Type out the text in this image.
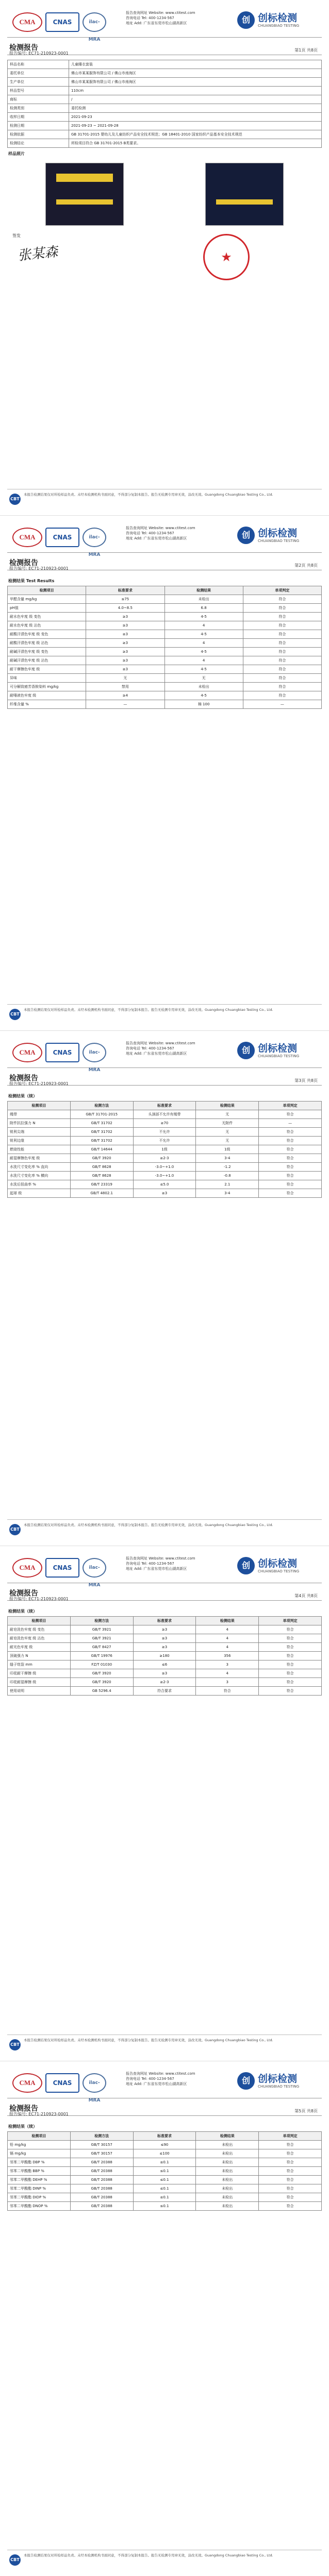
CMA	CNAS	ilac-MRA
报告查询网址 Website: www.ctitest.com
咨询电话 Tel: 400-1234-567
地址 Add: 广东省东莞市松山湖高新区	创 创标检测
CHUANGBIAO TESTING
检测报告
报告编号: EC71-210923-0001
第1页 共8页
样品名称	儿童睡衣套装
委托单位	佛山市某某服饰有限公司 / 佛山市南海区
生产单位	佛山市某某服饰有限公司 / 佛山市南海区
样品型号	110cm
商标	/
检测类别	委托检测
收样日期	2021-09-23
检测日期	2021-09-23 ~ 2021-09-28
检测依据	GB 31701-2015 婴幼儿及儿童纺织产品安全技术规范；GB 18401-2010 国家纺织产品基本安全技术规范
检测结论	所检项目符合 GB 31701-2015 B类要求。
样品照片
签发
张某森	★
CBT
本报告检测结果仅对所检样品负责。未经本检测机构书面同意，不得部分复制本报告。报告无检测专用章无效，涂改无效。Guangdong Chuangbiao Testing Co., Ltd.
CMA	CNAS	ilac-MRA
报告查询网址 Website: www.ctitest.com
咨询电话 Tel: 400-1234-567
地址 Add: 广东省东莞市松山湖高新区	创 创标检测
CHUANGBIAO TESTING
检测报告
报告编号: EC71-210923-0001
第2页 共8页
检测结果 Test Results
检测项目	标准要求	检测结果	单项判定
甲醛含量 mg/kg	≤75	未检出	符合
pH值	4.0~8.5	6.8	符合
耐水色牢度 级 变色	≥3	4-5	符合
耐水色牢度 级 沾色	≥3	4	符合
耐酸汗渍色牢度 级 变色	≥3	4-5	符合
耐酸汗渍色牢度 级 沾色	≥3	4	符合
耐碱汗渍色牢度 级 变色	≥3	4-5	符合
耐碱汗渍色牢度 级 沾色	≥3	4	符合
耐干摩擦色牢度 级	≥3	4-5	符合
异味	无	无	符合
可分解致癌芳香胺染料 mg/kg	禁用	未检出	符合
耐唾液色牢度 级	≥4	4-5	符合
纤维含量 %	—	棉 100	—
CBT
本报告检测结果仅对所检样品负责。未经本检测机构书面同意，不得部分复制本报告。报告无检测专用章无效，涂改无效。Guangdong Chuangbiao Testing Co., Ltd.
CMA	CNAS	ilac-MRA
报告查询网址 Website: www.ctitest.com
咨询电话 Tel: 400-1234-567
地址 Add: 广东省东莞市松山湖高新区	创 创标检测
CHUANGBIAO TESTING
检测报告
报告编号: EC71-210923-0001
第3页 共8页
检测结果（续）
检测项目	检测方法	标准要求	检测结果	单项判定
绳带	GB/T 31701-2015	头颈部不允许有绳带	无	符合
附件抗拉强力 N	GB/T 31702	≥70	无附件	—
锐利尖端	GB/T 31702	不允许	无	符合
锐利边缘	GB/T 31702	不允许	无	符合
燃烧性能	GB/T 14644	1级	1级	符合
耐湿摩擦色牢度 级	GB/T 3920	≥2-3	3-4	符合
水洗尺寸变化率 % 直向	GB/T 8628	-3.0~+1.0	-1.2	符合
水洗尺寸变化率 % 横向	GB/T 8628	-3.0~+1.0	-0.8	符合
水洗后扭曲率 %	GB/T 23319	≤5.0	2.1	符合
起球 级	GB/T 4802.1	≥3	3-4	符合
CBT
本报告检测结果仅对所检样品负责。未经本检测机构书面同意，不得部分复制本报告。报告无检测专用章无效，涂改无效。Guangdong Chuangbiao Testing Co., Ltd.
CMA	CNAS	ilac-MRA
报告查询网址 Website: www.ctitest.com
咨询电话 Tel: 400-1234-567
地址 Add: 广东省东莞市松山湖高新区	创 创标检测
CHUANGBIAO TESTING
检测报告
报告编号: EC71-210923-0001
第4页 共8页
检测结果（续）
检测项目	检测方法	标准要求	检测结果	单项判定
耐皂洗色牢度 级 变色	GB/T 3921	≥3	4	符合
耐皂洗色牢度 级 沾色	GB/T 3921	≥3	4	符合
耐光色牢度 级	GB/T 8427	≥3	4	符合
顶破强力 N	GB/T 19976	≥180	356	符合
缝子纰裂 mm	FZ/T 01030	≤6	3	符合
印花耐干摩擦 级	GB/T 3920	≥3	4	符合
印花耐湿摩擦 级	GB/T 3920	≥2-3	3	符合
使用说明	GB 5296.4	符合要求	符合	符合
CBT
本报告检测结果仅对所检样品负责。未经本检测机构书面同意，不得部分复制本报告。报告无检测专用章无效，涂改无效。Guangdong Chuangbiao Testing Co., Ltd.
CMA	CNAS	ilac-MRA
报告查询网址 Website: www.ctitest.com
咨询电话 Tel: 400-1234-567
地址 Add: 广东省东莞市松山湖高新区	创 创标检测
CHUANGBIAO TESTING
检测报告
报告编号: EC71-210923-0001
第5页 共8页
检测结果（续）
检测项目	检测方法	标准要求	检测结果	单项判定
铅 mg/kg	GB/T 30157	≤90	未检出	符合
镉 mg/kg	GB/T 30157	≤100	未检出	符合
邻苯二甲酸酯 DBP %	GB/T 20388	≤0.1	未检出	符合
邻苯二甲酸酯 BBP %	GB/T 20388	≤0.1	未检出	符合
邻苯二甲酸酯 DEHP %	GB/T 20388	≤0.1	未检出	符合
邻苯二甲酸酯 DINP %	GB/T 20388	≤0.1	未检出	符合
邻苯二甲酸酯 DIDP %	GB/T 20388	≤0.1	未检出	符合
邻苯二甲酸酯 DNOP %	GB/T 20388	≤0.1	未检出	符合
CBT
本报告检测结果仅对所检样品负责。未经本检测机构书面同意，不得部分复制本报告。报告无检测专用章无效，涂改无效。Guangdong Chuangbiao Testing Co., Ltd.
